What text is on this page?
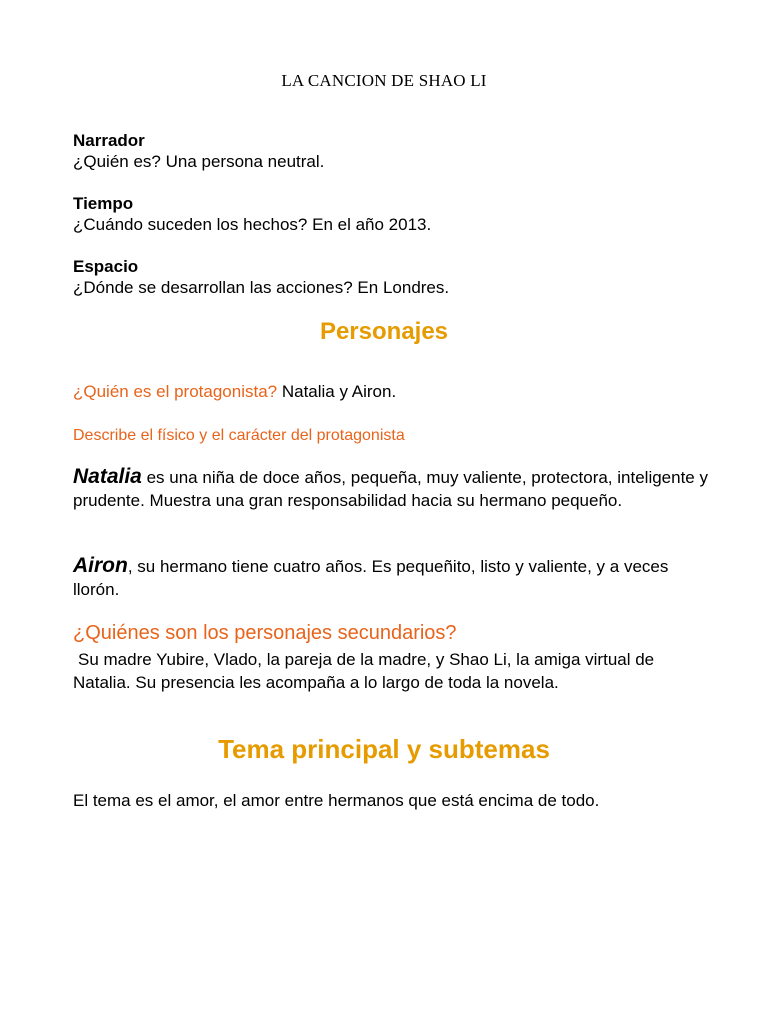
LA CANCION DE SHAO LI
Narrador
¿Quién es? Una persona neutral.
Tiempo
¿Cuándo suceden los hechos? En el año 2013.
Espacio
¿Dónde se desarrollan las acciones? En Londres.
Personajes
¿Quién es el protagonista? Natalia y Airon.
Describe el físico y el carácter del protagonista
Natalia es una niña de doce años, pequeña, muy valiente, protectora, inteligente y prudente. Muestra una gran responsabilidad hacia su hermano pequeño.
Airon, su hermano tiene cuatro años. Es pequeñito, listo y valiente, y a veces llorón.
¿Quiénes son los personajes secundarios?
Su madre Yubire, Vlado, la pareja de la madre, y Shao Li, la amiga virtual de Natalia. Su presencia les acompaña a lo largo de toda la novela.
Tema principal y subtemas
El tema es el amor, el amor entre hermanos que está encima de todo.
